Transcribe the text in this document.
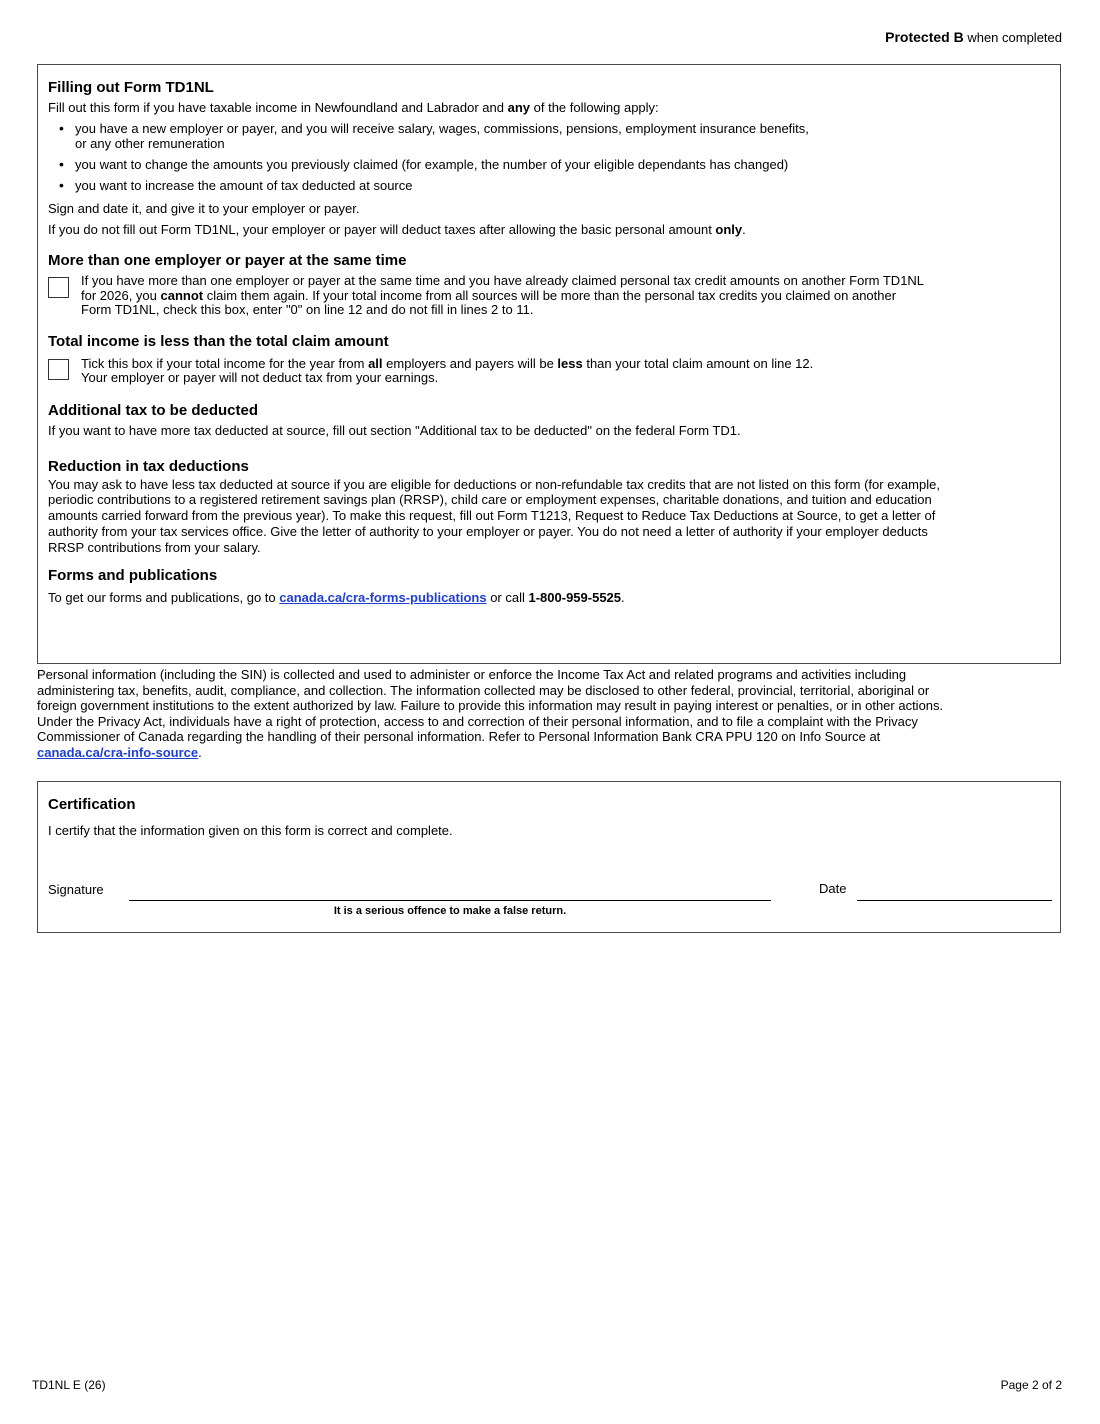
Protected B when completed
Filling out Form TD1NL

Fill out this form if you have taxable income in Newfoundland and Labrador and any of the following apply:

• you have a new employer or payer, and you will receive salary, wages, commissions, pensions, employment insurance benefits,
or any other remuneration
• you want to change the amounts you previously claimed (for example, the number of your eligible dependants has changed)
• you want to increase the amount of tax deducted at source

Sign and date it, and give it to your employer or payer.

If you do not fill out Form TD1NL, your employer or payer will deduct taxes after allowing the basic personal amount only.

More than one employer or payer at the same time
If you have more than one employer or payer at the same time and you have already claimed personal tax credit amounts on another Form TD1NL
for 2026, you cannot claim them again. If your total income from all sources will be more than the personal tax credits you claimed on another
Form TD1NL, check this box, enter "0" on line 12 and do not fill in lines 2 to 11.
Total income is less than the total claim amount
Tick this box if your total income for the year from all employers and payers will be less than your total claim amount on line 12.
Your employer or payer will not deduct tax from your earnings.
Additional tax to be deducted

If you want to have more tax deducted at source, fill out section "Additional tax to be deducted" on the federal Form TD1.

Reduction in tax deductions
You may ask to have less tax deducted at source if you are eligible for deductions or non-refundable tax credits that are not listed on this form (for example,
periodic contributions to a registered retirement savings plan (RRSP), child care or employment expenses, charitable donations, and tuition and education
amounts carried forward from the previous year). To make this request, fill out Form T1213, Request to Reduce Tax Deductions at Source, to get a letter of
authority from your tax services office. Give the letter of authority to your employer or payer. You do not need a letter of authority if your employer deducts
RRSP contributions from your salary.
Forms and publications

To get our forms and publications, go to canada.ca/cra-forms-publications or call 1-800-959-5525.

Personal information (including the SIN) is collected and used to administer or enforce the Income Tax Act and related programs and activities including
administering tax, benefits, audit, compliance, and collection. The information collected may be disclosed to other federal, provincial, territorial, aboriginal or
foreign government institutions to the extent authorized by law. Failure to provide this information may result in paying interest or penalties, or in other actions.
Under the Privacy Act, individuals have a right of protection, access to and correction of their personal information, and to file a complaint with the Privacy
Commissioner of Canada regarding the handling of their personal information. Refer to Personal Information Bank CRA PPU 120 on Info Source at
canada.ca/cra-info-source.
Certification

I certify that the information given on this form is correct and complete.

Signature	Date
It is a serious offence to make a false return.
TD1NL E (26)	Page 2 of 2
